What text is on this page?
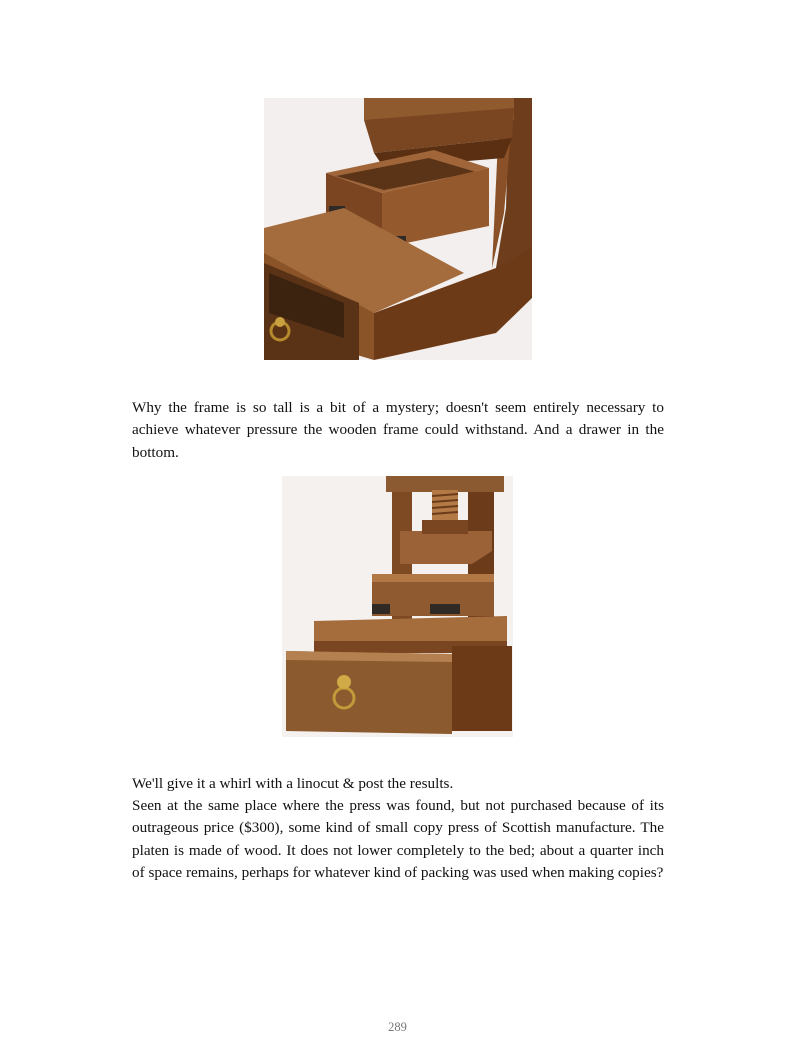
Why the frame is so tall is a bit of a mystery; doesn't seem entirely necessary to achieve whatever pressure the wooden frame could withstand. And a drawer in the bottom.

We'll give it a whirl with a linocut & post the results.

Seen at the same place where the press was found, but not purchased because of its outrageous price ($300), some kind of small copy press of Scottish manufacture. The platen is made of wood. It does not lower completely to the bed; about a quarter inch of space remains, perhaps for whatever kind of packing was used when making copies?

289
